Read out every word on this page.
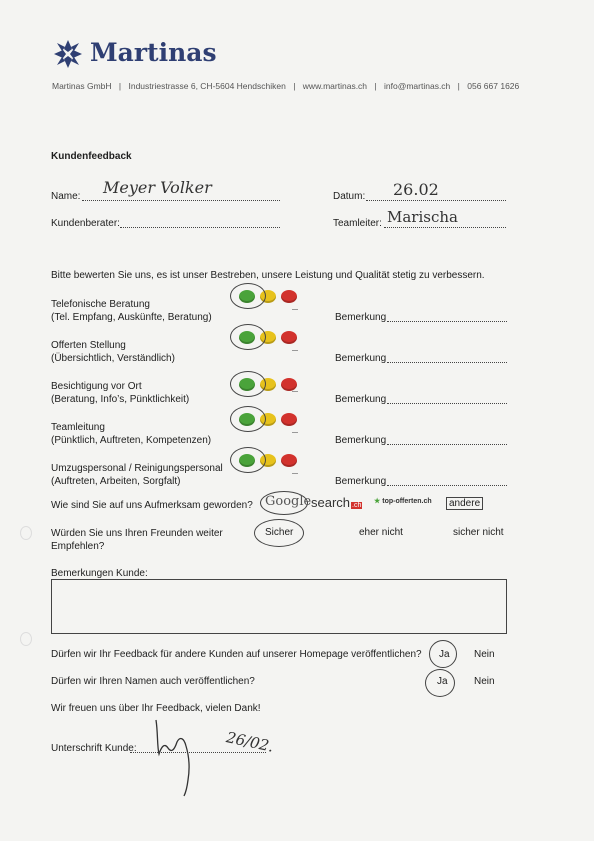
Martinas
Martinas GmbH | Industriestrasse 6, CH-5604 Hendschiken | www.martinas.ch | info@martinas.ch | 056 667 1626
Kundenfeedback
Name: Meyer Volker	Datum: 26.02
Kundenberater:	Teamleiter: Marischa
Bitte bewerten Sie uns, es ist unser Bestreben, unsere Leistung und Qualität stetig zu verbessern.
Telefonische Beratung
(Tel. Empfang, Auskünfte, Beratung)	Bemerkung
Offerten Stellung
(Übersichtlich, Verständlich)	Bemerkung
Besichtigung vor Ort
(Beratung, Info’s, Pünktlichkeit)	Bemerkung
Teamleitung
(Pünktlich, Auftreten, Kompetenzen)	Bemerkung
Umzugspersonal / Reinigungspersonal
(Auftreten, Arbeiten, Sorgfalt)	Bemerkung
Wie sind Sie auf uns Aufmerksam geworden? Google search .ch
★ top-offerten.ch	andere
Würden Sie uns Ihren Freunden weiter Empfehlen?
Sicher	eher nicht	sicher nicht
Bemerkungen Kunde:
Dürfen wir Ihr Feedback für andere Kunden auf unserer Homepage veröffentlichen? Ja Nein
Dürfen wir Ihren Namen auch veröffentlichen?	Ja	Nein
Wir freuen uns über Ihr Feedback, vielen Dank!
Unterschrift Kunde:	26/02.
